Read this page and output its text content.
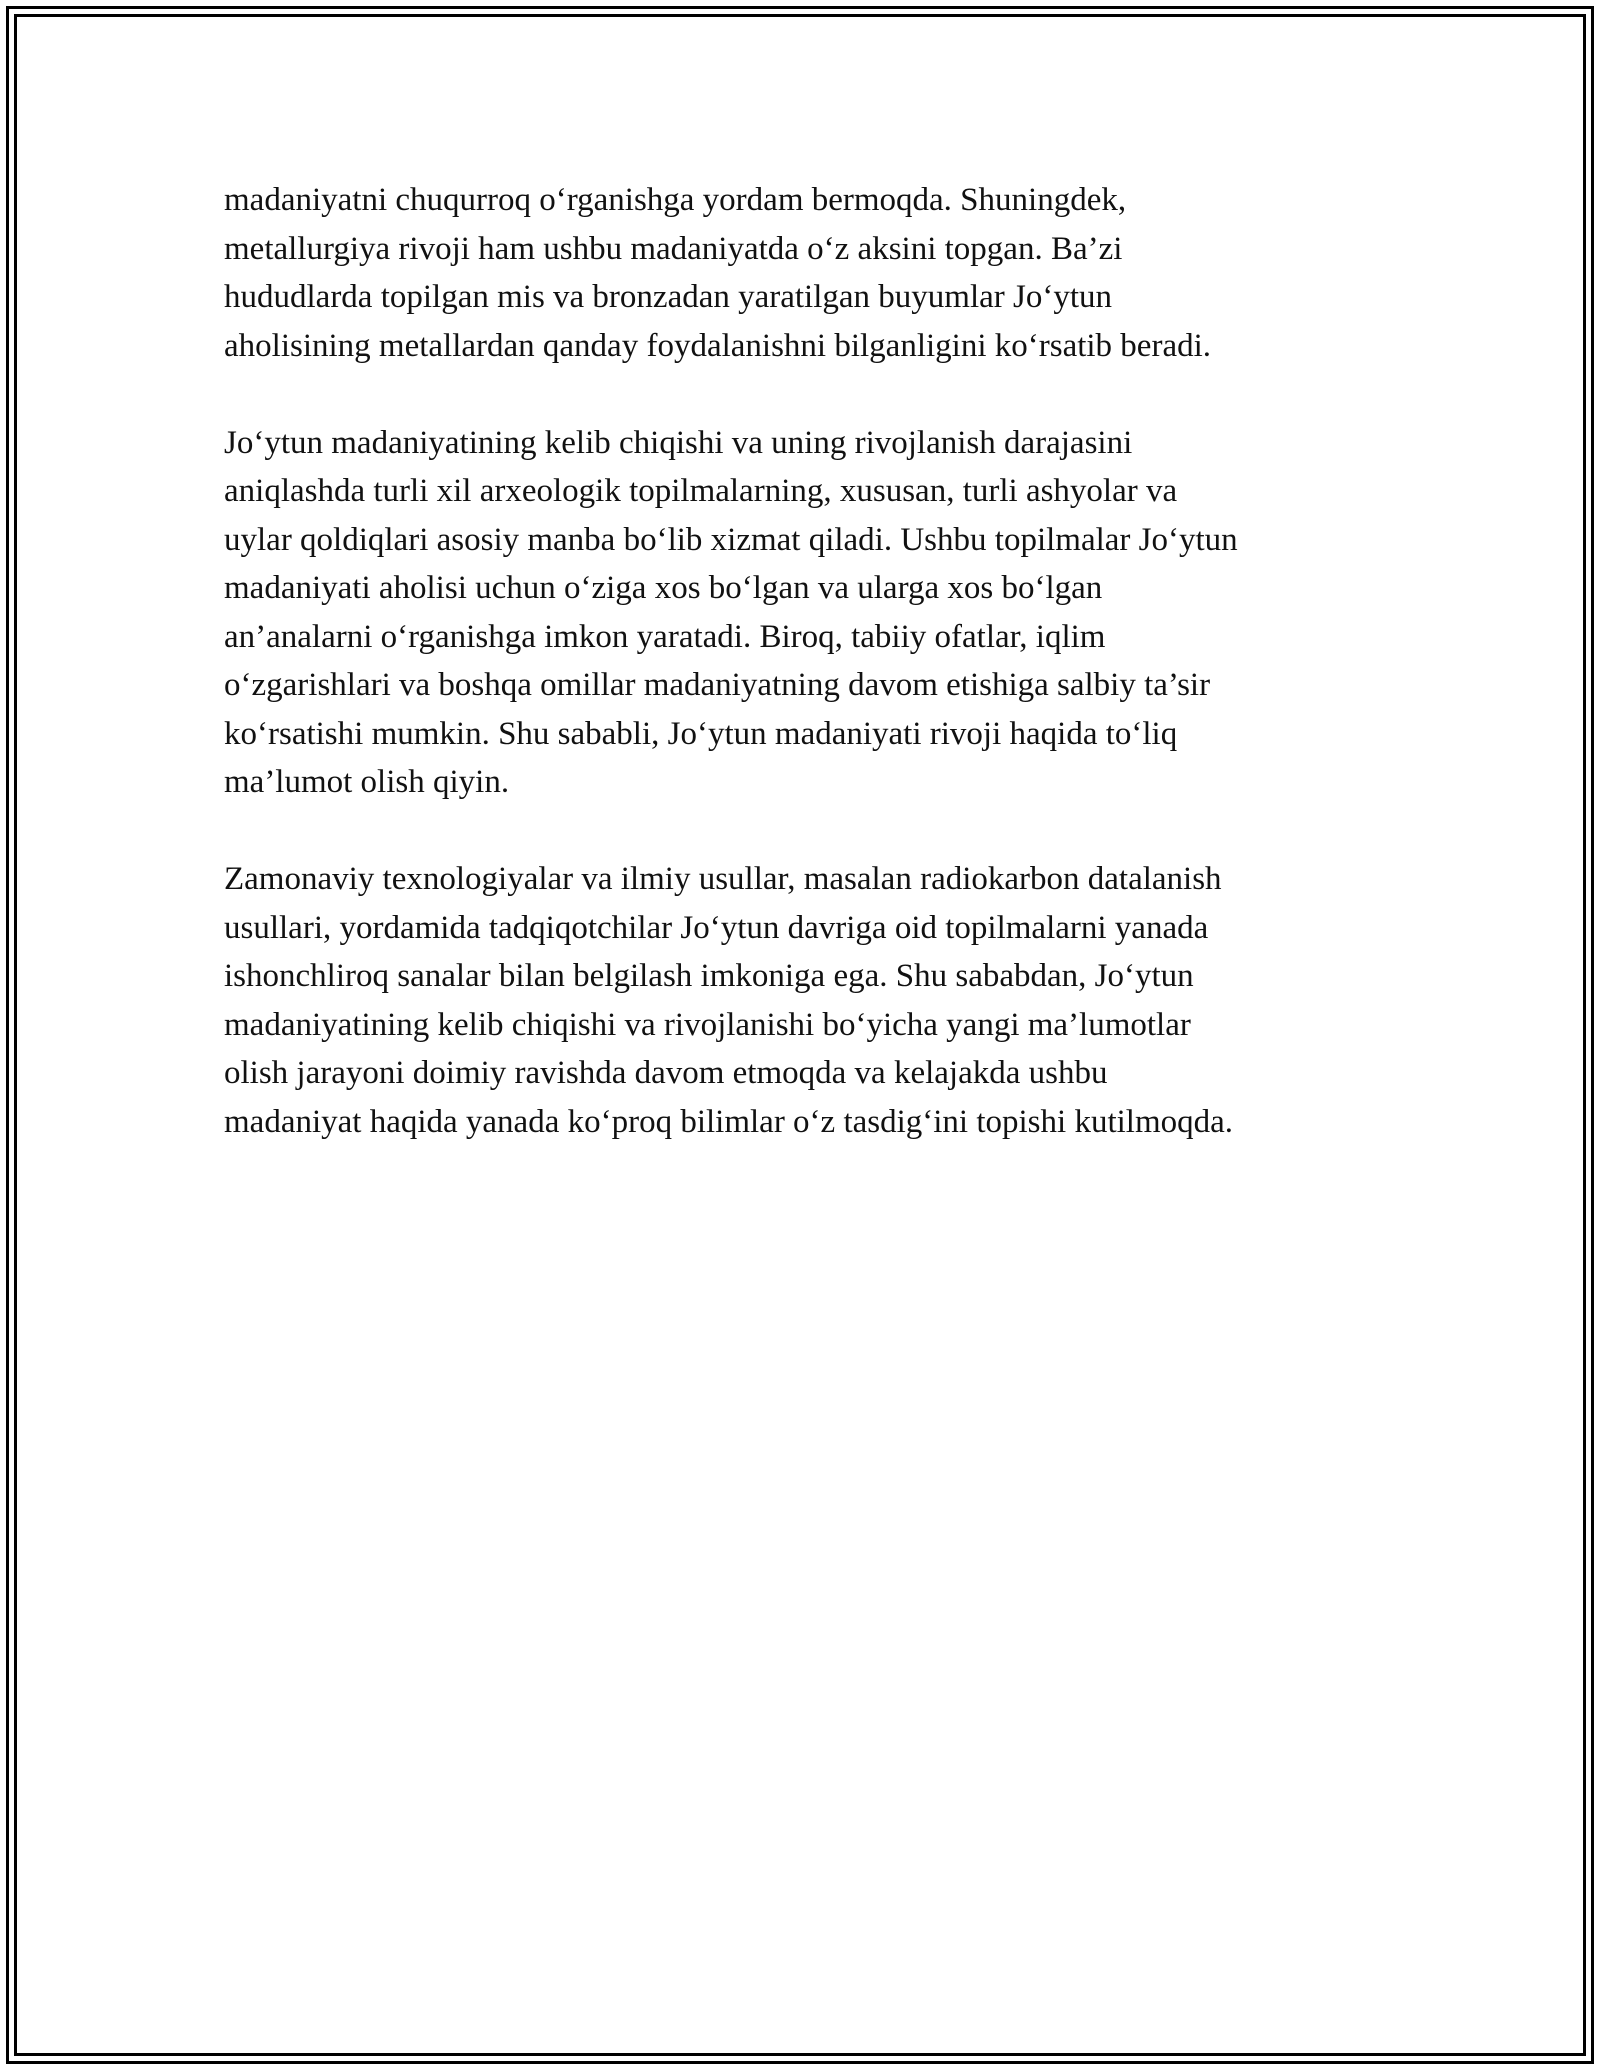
madaniyatni chuqurroq o‘rganishga yordam bermoqda. Shuningdek,
metallurgiya rivoji ham ushbu madaniyatda o‘z aksini topgan. Ba’zi
hududlarda topilgan mis va bronzadan yaratilgan buyumlar Jo‘ytun
aholisining metallardan qanday foydalanishni bilganligini ko‘rsatib beradi.

Jo‘ytun madaniyatining kelib chiqishi va uning rivojlanish darajasini
aniqlashda turli xil arxeologik topilmalarning, xususan, turli ashyolar va
uylar qoldiqlari asosiy manba bo‘lib xizmat qiladi. Ushbu topilmalar Jo‘ytun
madaniyati aholisi uchun o‘ziga xos bo‘lgan va ularga xos bo‘lgan
an’analarni o‘rganishga imkon yaratadi. Biroq, tabiiy ofatlar, iqlim
o‘zgarishlari va boshqa omillar madaniyatning davom etishiga salbiy ta’sir
ko‘rsatishi mumkin. Shu sababli, Jo‘ytun madaniyati rivoji haqida to‘liq
ma’lumot olish qiyin.

Zamonaviy texnologiyalar va ilmiy usullar, masalan radiokarbon datalanish
usullari, yordamida tadqiqotchilar Jo‘ytun davriga oid topilmalarni yanada
ishonchliroq sanalar bilan belgilash imkoniga ega. Shu sababdan, Jo‘ytun
madaniyatining kelib chiqishi va rivojlanishi bo‘yicha yangi ma’lumotlar
olish jarayoni doimiy ravishda davom etmoqda va kelajakda ushbu
madaniyat haqida yanada ko‘proq bilimlar o‘z tasdig‘ini topishi kutilmoqda.
